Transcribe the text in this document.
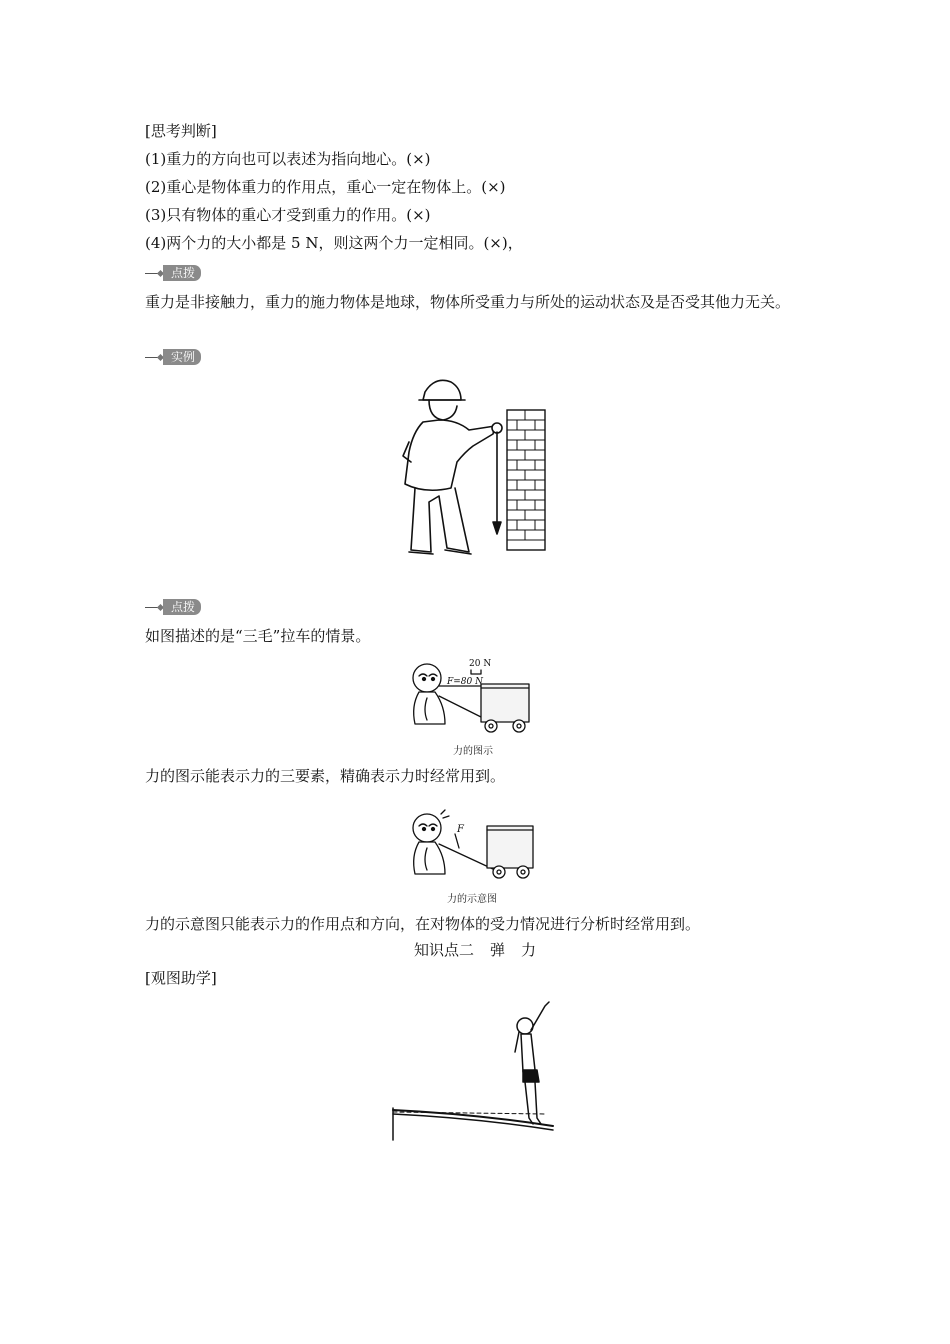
[思考判断]
(1)重力的方向也可以表述为指向地心。(×)
(2)重心是物体重力的作用点，重心一定在物体上。(×)
(3)只有物体的重心才受到重力的作用。(×)
(4)两个力的大小都是 5 N，则这两个力一定相同。(×)，
点拨
重力是非接触力，重力的施力物体是地球，物体所受重力与所处的运动状态及是否受其他力无关。
实例
点拨
如图描述的是“三毛”拉车的情景。
20 N
F=80 N
力的图示
力的图示能表示力的三要素，精确表示力时经常用到。
F
力的示意图
力的示意图只能表示力的作用点和方向，在对物体的受力情况进行分析时经常用到。
知识点二 弹 力
[观图助学]
